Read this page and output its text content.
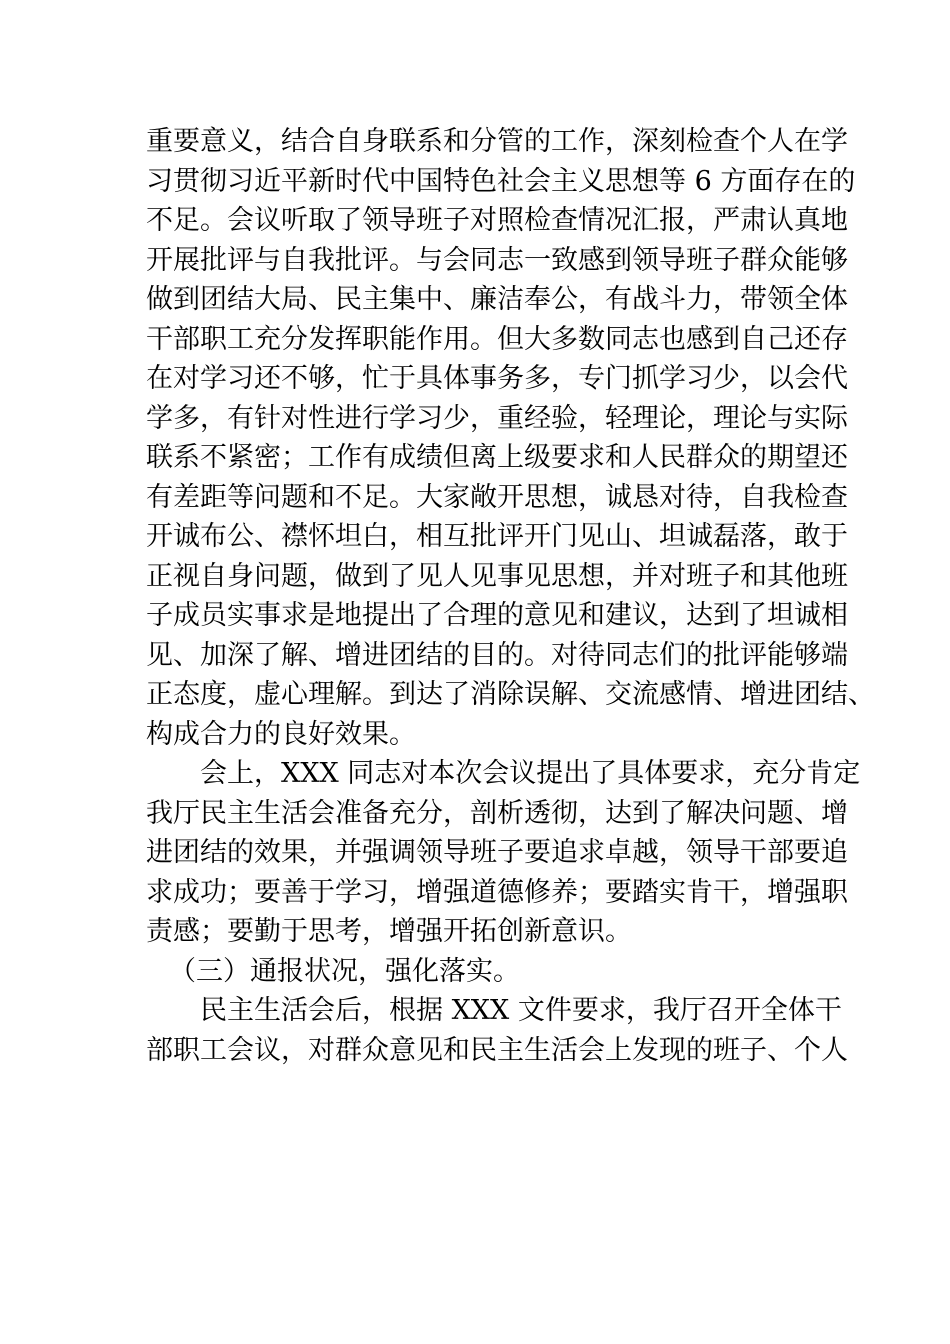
重要意义，结合自身联系和分管的工作，深刻检查个人在学
习贯彻习近平新时代中国特色社会主义思想等 6 方面存在的
不足。会议听取了领导班子对照检查情况汇报，严肃认真地
开展批评与自我批评。与会同志一致感到领导班子群众能够
做到团结大局、民主集中、廉洁奉公，有战斗力，带领全体
干部职工充分发挥职能作用。但大多数同志也感到自己还存
在对学习还不够，忙于具体事务多，专门抓学习少，以会代
学多，有针对性进行学习少，重经验，轻理论，理论与实际
联系不紧密；工作有成绩但离上级要求和人民群众的期望还
有差距等问题和不足。大家敞开思想，诚恳对待，自我检查
开诚布公、襟怀坦白，相互批评开门见山、坦诚磊落，敢于
正视自身问题，做到了见人见事见思想，并对班子和其他班
子成员实事求是地提出了合理的意见和建议，达到了坦诚相
见、加深了解、增进团结的目的。对待同志们的批评能够端
正态度，虚心理解。到达了消除误解、交流感情、增进团结、
构成合力的良好效果。
会上，XXX 同志对本次会议提出了具体要求，充分肯定
我厅民主生活会准备充分，剖析透彻，达到了解决问题、增
进团结的效果，并强调领导班子要追求卓越，领导干部要追
求成功；要善于学习，增强道德修养；要踏实肯干，增强职
责感；要勤于思考，增强开拓创新意识。
（三）通报状况，强化落实。
民主生活会后，根据 XXX 文件要求，我厅召开全体干
部职工会议，对群众意见和民主生活会上发现的班子、个人
